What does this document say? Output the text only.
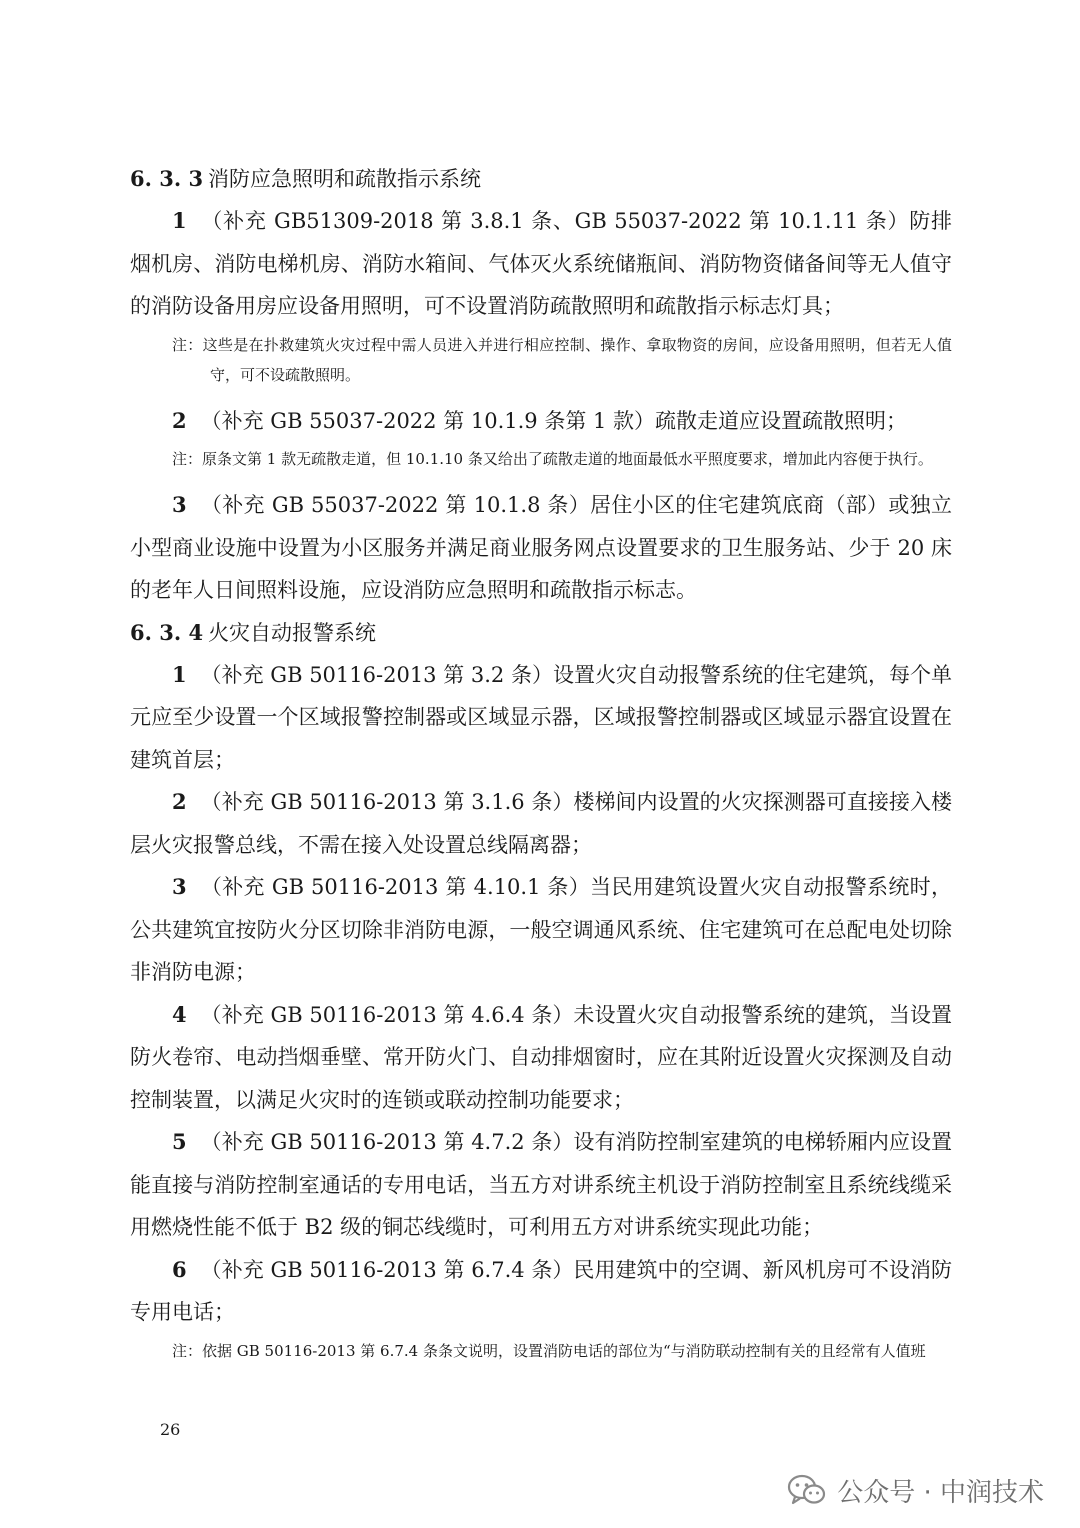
6. 3. 3 消防应急照明和疏散指示系统

1 （补充 GB51309-2018 第 3.8.1 条、GB 55037-2022 第 10.1.11 条）防排烟机房、消防电梯机房、消防水箱间、气体灭火系统储瓶间、消防物资储备间等无人值守的消防设备用房应设备用照明，可不设置消防疏散照明和疏散指示标志灯具；

注：这些是在扑救建筑火灾过程中需人员进入并进行相应控制、操作、拿取物资的房间，应设备用照明，但若无人值守，可不设疏散照明。

2 （补充 GB 55037-2022 第 10.1.9 条第 1 款）疏散走道应设置疏散照明；

注：原条文第 1 款无疏散走道，但 10.1.10 条又给出了疏散走道的地面最低水平照度要求，增加此内容便于执行。

3 （补充 GB 55037-2022 第 10.1.8 条）居住小区的住宅建筑底商（部）或独立小型商业设施中设置为小区服务并满足商业服务网点设置要求的卫生服务站、少于 20 床的老年人日间照料设施，应设消防应急照明和疏散指示标志。

6. 3. 4 火灾自动报警系统

1 （补充 GB 50116-2013 第 3.2 条）设置火灾自动报警系统的住宅建筑，每个单元应至少设置一个区域报警控制器或区域显示器，区域报警控制器或区域显示器宜设置在建筑首层；

2 （补充 GB 50116-2013 第 3.1.6 条）楼梯间内设置的火灾探测器可直接接入楼层火灾报警总线，不需在接入处设置总线隔离器；

3 （补充 GB 50116-2013 第 4.10.1 条）当民用建筑设置火灾自动报警系统时，公共建筑宜按防火分区切除非消防电源，一般空调通风系统、住宅建筑可在总配电处切除非消防电源；

4 （补充 GB 50116-2013 第 4.6.4 条）未设置火灾自动报警系统的建筑，当设置防火卷帘、电动挡烟垂壁、常开防火门、自动排烟窗时，应在其附近设置火灾探测及自动控制装置，以满足火灾时的连锁或联动控制功能要求；

5 （补充 GB 50116-2013 第 4.7.2 条）设有消防控制室建筑的电梯轿厢内应设置能直接与消防控制室通话的专用电话，当五方对讲系统主机设于消防控制室且系统线缆采用燃烧性能不低于 B2 级的铜芯线缆时，可利用五方对讲系统实现此功能；

6 （补充 GB 50116-2013 第 6.7.4 条）民用建筑中的空调、新风机房可不设消防专用电话；

注：依据 GB 50116-2013 第 6.7.4 条条文说明，设置消防电话的部位为“与消防联动控制有关的且经常有人值班

26
公众号 · 中润技术
